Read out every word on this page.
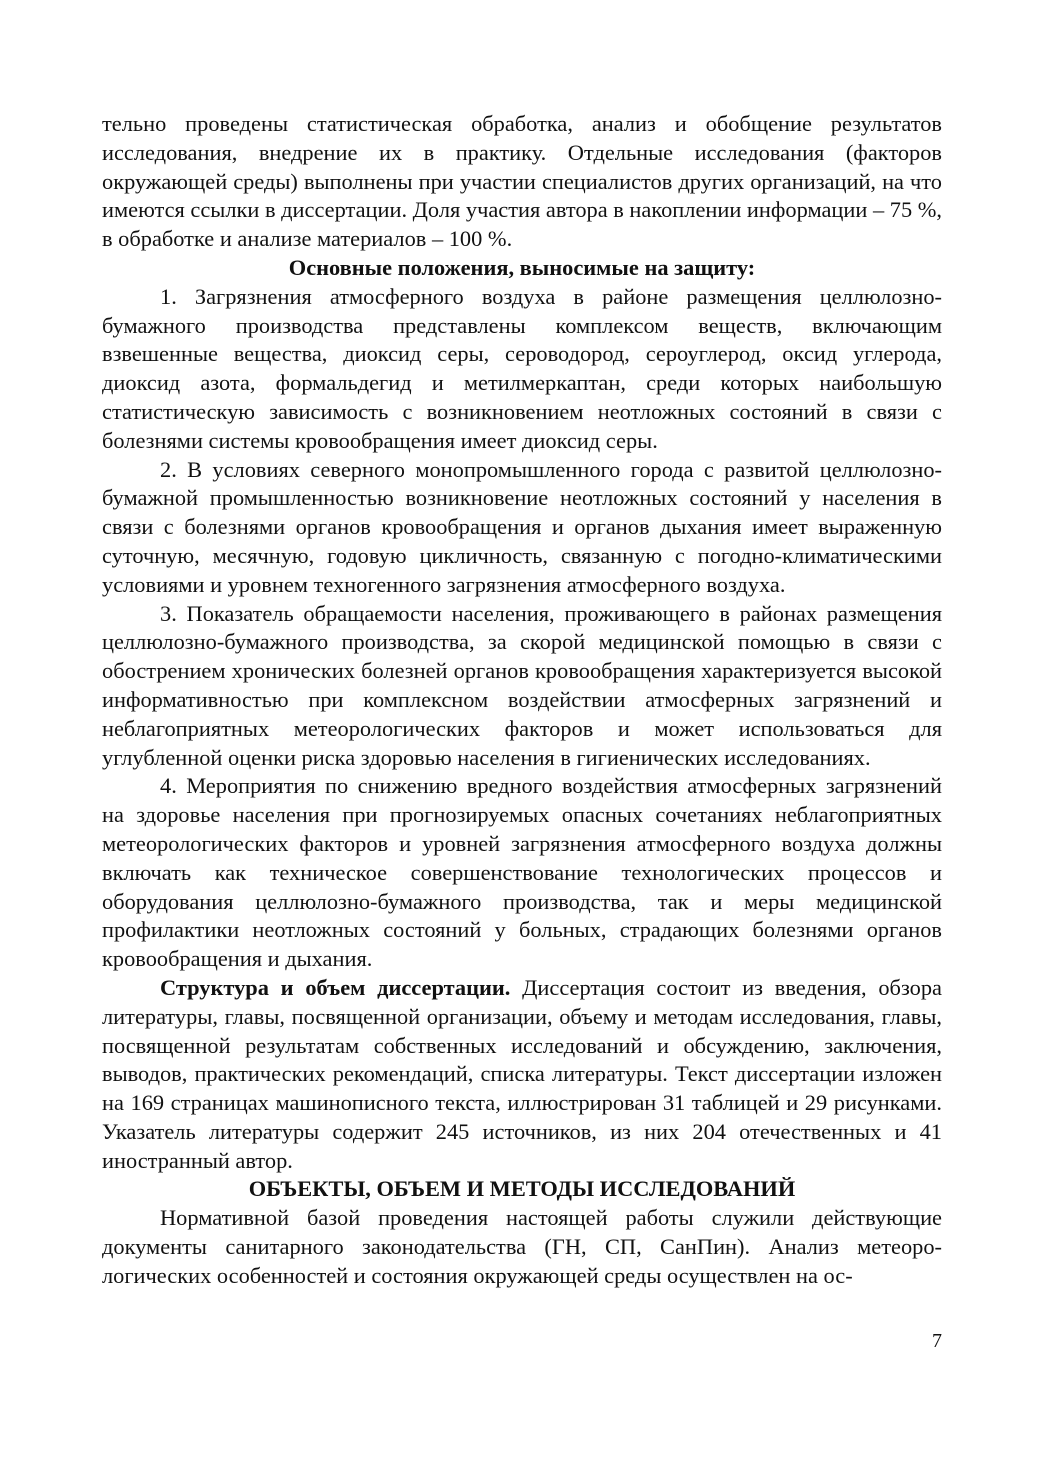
тельно проведены статистическая обработка, анализ и обобщение результатов исследования, внедрение их в практику. Отдельные исследования (факторов окружающей среды) выполнены при участии специалистов других организаций, на что имеются ссылки в диссертации. Доля участия автора в накоплении информации – 75 %, в обработке и анализе материалов – 100 %.

Основные положения, выносимые на защиту:

1. Загрязнения атмосферного воздуха в районе размещения целлюлозно-бумажного производства представлены комплексом веществ, включающим взвешенные вещества, диоксид серы, сероводород, сероуглерод, оксид углерода, диоксид азота, формальдегид и метилмеркаптан, среди которых наибольшую статистическую зависимость с возникновением неотложных состояний в связи с болезнями системы кровообращения имеет диоксид серы.

2. В условиях северного монопромышленного города с развитой целлюлозно-бумажной промышленностью возникновение неотложных состояний у населения в связи с болезнями органов кровообращения и органов дыхания имеет выраженную суточную, месячную, годовую цикличность, связанную с погодно-климатическими условиями и уровнем техногенного загрязнения атмосферного воздуха.

3. Показатель обращаемости населения, проживающего в районах размещения целлюлозно-бумажного производства, за скорой медицинской помощью в связи с обострением хронических болезней органов кровообращения характеризуется высокой информативностью при комплексном воздействии атмосферных загрязнений и неблагоприятных метеорологических факторов и может использоваться для углубленной оценки риска здоровью населения в гигиенических исследованиях.

4. Мероприятия по снижению вредного воздействия атмосферных загрязнений на здоровье населения при прогнозируемых опасных сочетаниях неблагоприятных метеорологических факторов и уровней загрязнения атмосферного воздуха должны включать как техническое совершенствование технологических процессов и оборудования целлюлозно-бумажного производства, так и меры медицинской профилактики неотложных состояний у больных, страдающих болезнями органов кровообращения и дыхания.

Структура и объем диссертации. Диссертация состоит из введения, обзора литературы, главы, посвященной организации, объему и методам исследования, главы, посвященной результатам собственных исследований и обсуждению, заключения, выводов, практических рекомендаций, списка литературы. Текст диссертации изложен на 169 страницах машинописного текста, иллюстрирован 31 таблицей и 29 рисунками. Указатель литературы содержит 245 источников, из них 204 отечественных и 41 иностранный автор.

ОБЪЕКТЫ, ОБЪЕМ И МЕТОДЫ ИССЛЕДОВАНИЙ

Нормативной базой проведения настоящей работы служили действующие документы санитарного законодательства (ГН, СП, СанПин). Анализ метеорологических особенностей и состояния окружающей среды осуществлен на ос-

7
